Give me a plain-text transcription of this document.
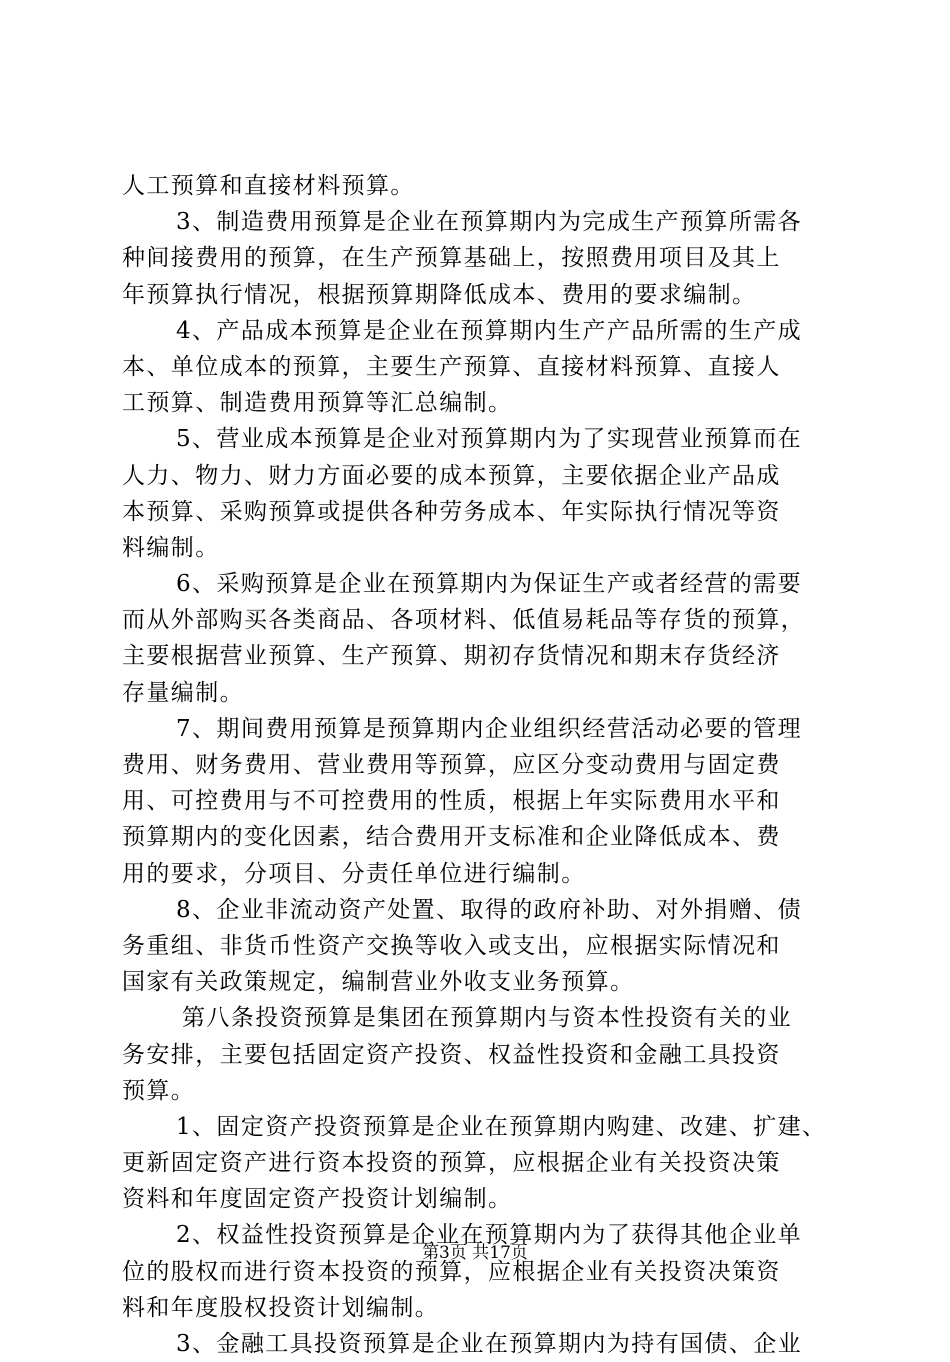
人工预算和直接材料预算。
3、制造费用预算是企业在预算期内为完成生产预算所需各
种间接费用的预算，在生产预算基础上，按照费用项目及其上
年预算执行情况，根据预算期降低成本、费用的要求编制。
4、产品成本预算是企业在预算期内生产产品所需的生产成
本、单位成本的预算，主要生产预算、直接材料预算、直接人
工预算、制造费用预算等汇总编制。
5、营业成本预算是企业对预算期内为了实现营业预算而在
人力、物力、财力方面必要的成本预算，主要依据企业产品成
本预算、采购预算或提供各种劳务成本、年实际执行情况等资
料编制。
6、采购预算是企业在预算期内为保证生产或者经营的需要
而从外部购买各类商品、各项材料、低值易耗品等存货的预算，
主要根据营业预算、生产预算、期初存货情况和期末存货经济
存量编制。
7、期间费用预算是预算期内企业组织经营活动必要的管理
费用、财务费用、营业费用等预算，应区分变动费用与固定费
用、可控费用与不可控费用的性质，根据上年实际费用水平和
预算期内的变化因素，结合费用开支标准和企业降低成本、费
用的要求，分项目、分责任单位进行编制。
8、企业非流动资产处置、取得的政府补助、对外捐赠、债
务重组、非货币性资产交换等收入或支出，应根据实际情况和
国家有关政策规定，编制营业外收支业务预算。
第八条投资预算是集团在预算期内与资本性投资有关的业
务安排，主要包括固定资产投资、权益性投资和金融工具投资
预算。
1、固定资产投资预算是企业在预算期内购建、改建、扩建、
更新固定资产进行资本投资的预算，应根据企业有关投资决策
资料和年度固定资产投资计划编制。
2、权益性投资预算是企业在预算期内为了获得其他企业单
位的股权而进行资本投资的预算，应根据企业有关投资决策资
料和年度股权投资计划编制。
3、金融工具投资预算是企业在预算期内为持有国债、企业
第3页 共17页
